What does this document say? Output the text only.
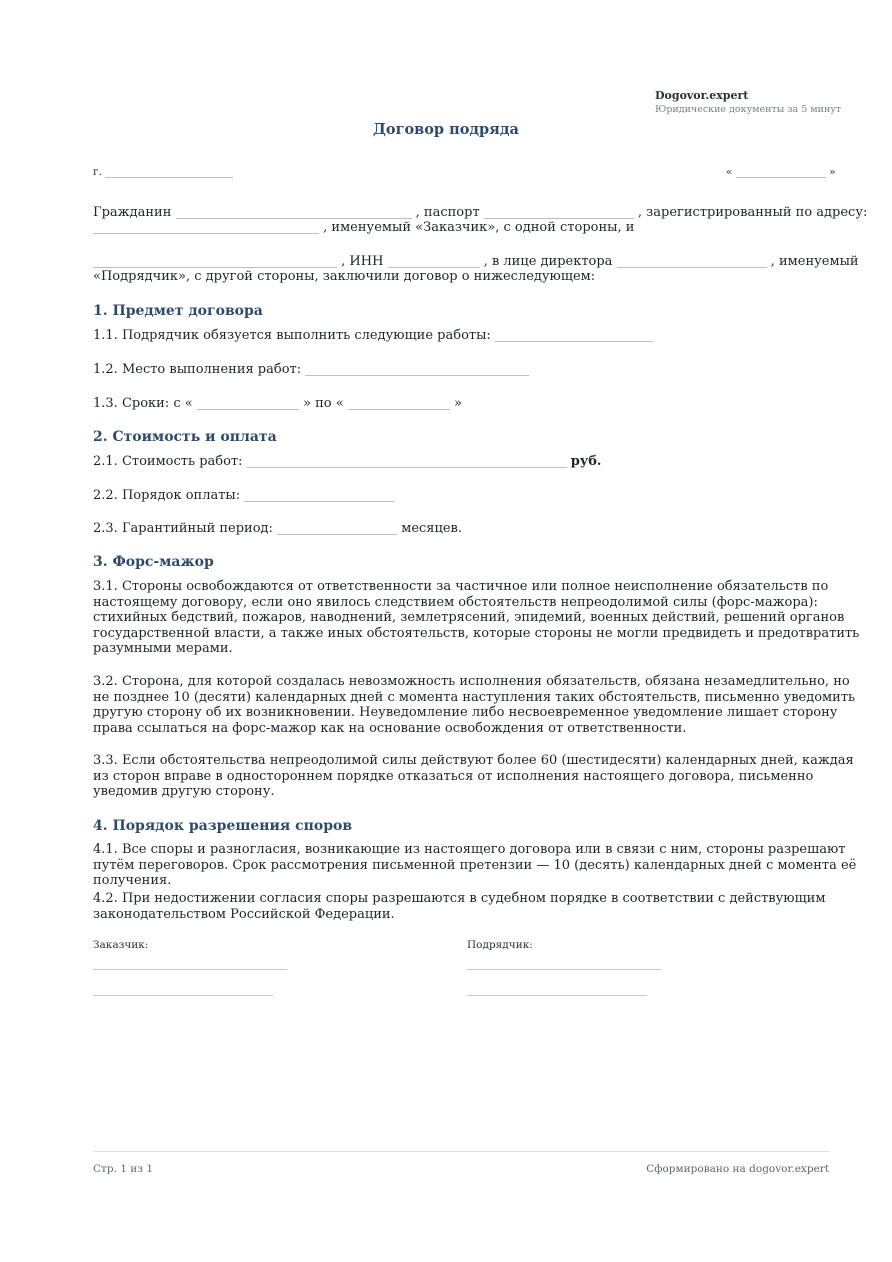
Dogovor.expert
Юридические документы за 5 минут
Договор подряда
г.	«	»
Гражданин	, паспорт	, зарегистрированный по адресу:
, именуемый «Заказчик», с одной стороны, и
, ИНН	, в лице директора	, именуемый
«Подрядчик», с другой стороны, заключили договор о нижеследующем:
1. Предмет договора
1.1. Подрядчик обязуется выполнить следующие работы:
1.2. Место выполнения работ:
1.3. Сроки: с «	» по «	»
2. Стоимость и оплата
2.1. Стоимость работ:	руб.
2.2. Порядок оплаты:
2.3. Гарантийный период:	месяцев.
3. Форс-мажор
3.1. Стороны освобождаются от ответственности за частичное или полное неисполнение обязательств по настоящему договору, если оно явилось следствием обстоятельств непреодолимой силы (форс-мажора): стихийных бедствий, пожаров, наводнений, землетрясений, эпидемий, военных действий, решений органов государственной власти, а также иных обстоятельств, которые стороны не могли предвидеть и предотвратить разумными мерами.
3.2. Сторона, для которой создалась невозможность исполнения обязательств, обязана незамедлительно, но не позднее 10 (десяти) календарных дней с момента наступления таких обстоятельств, письменно уведомить другую сторону об их возникновении. Неуведомление либо несвоевременное уведомление лишает сторону права ссылаться на форс-мажор как на основание освобождения от ответственности.
3.3. Если обстоятельства непреодолимой силы действуют более 60 (шестидесяти) календарных дней, каждая из сторон вправе в одностороннем порядке отказаться от исполнения настоящего договора, письменно уведомив другую сторону.
4. Порядок разрешения споров
4.1. Все споры и разногласия, возникающие из настоящего договора или в связи с ним, стороны разрешают путём переговоров. Срок рассмотрения письменной претензии — 10 (десять) календарных дней с момента её получения.
4.2. При недостижении согласия споры разрешаются в судебном порядке в соответствии с действующим законодательством Российской Федерации.
Заказчик:	Подрядчик:
Стр. 1 из 1	Сформировано на dogovor.expert
